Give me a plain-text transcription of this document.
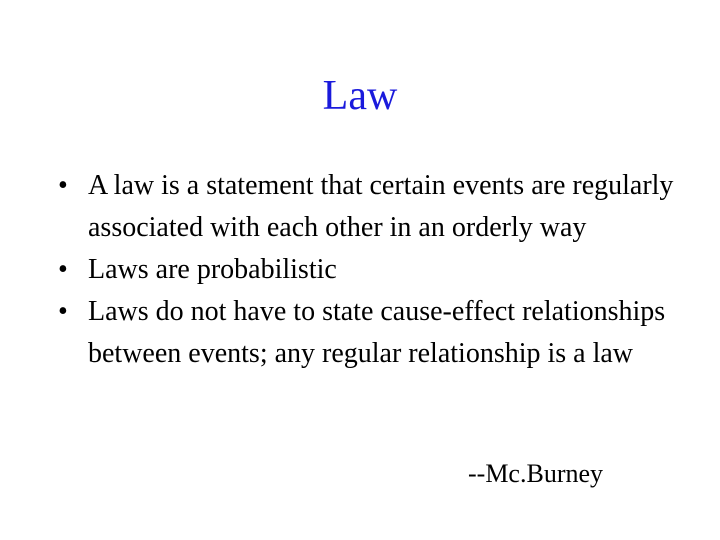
Law
• A law is a statement that certain events are regularly associated with each other in an orderly way
• Laws are probabilistic
• Laws do not have to state cause-effect relationships between events; any regular relationship is a law
--Mc.Burney
